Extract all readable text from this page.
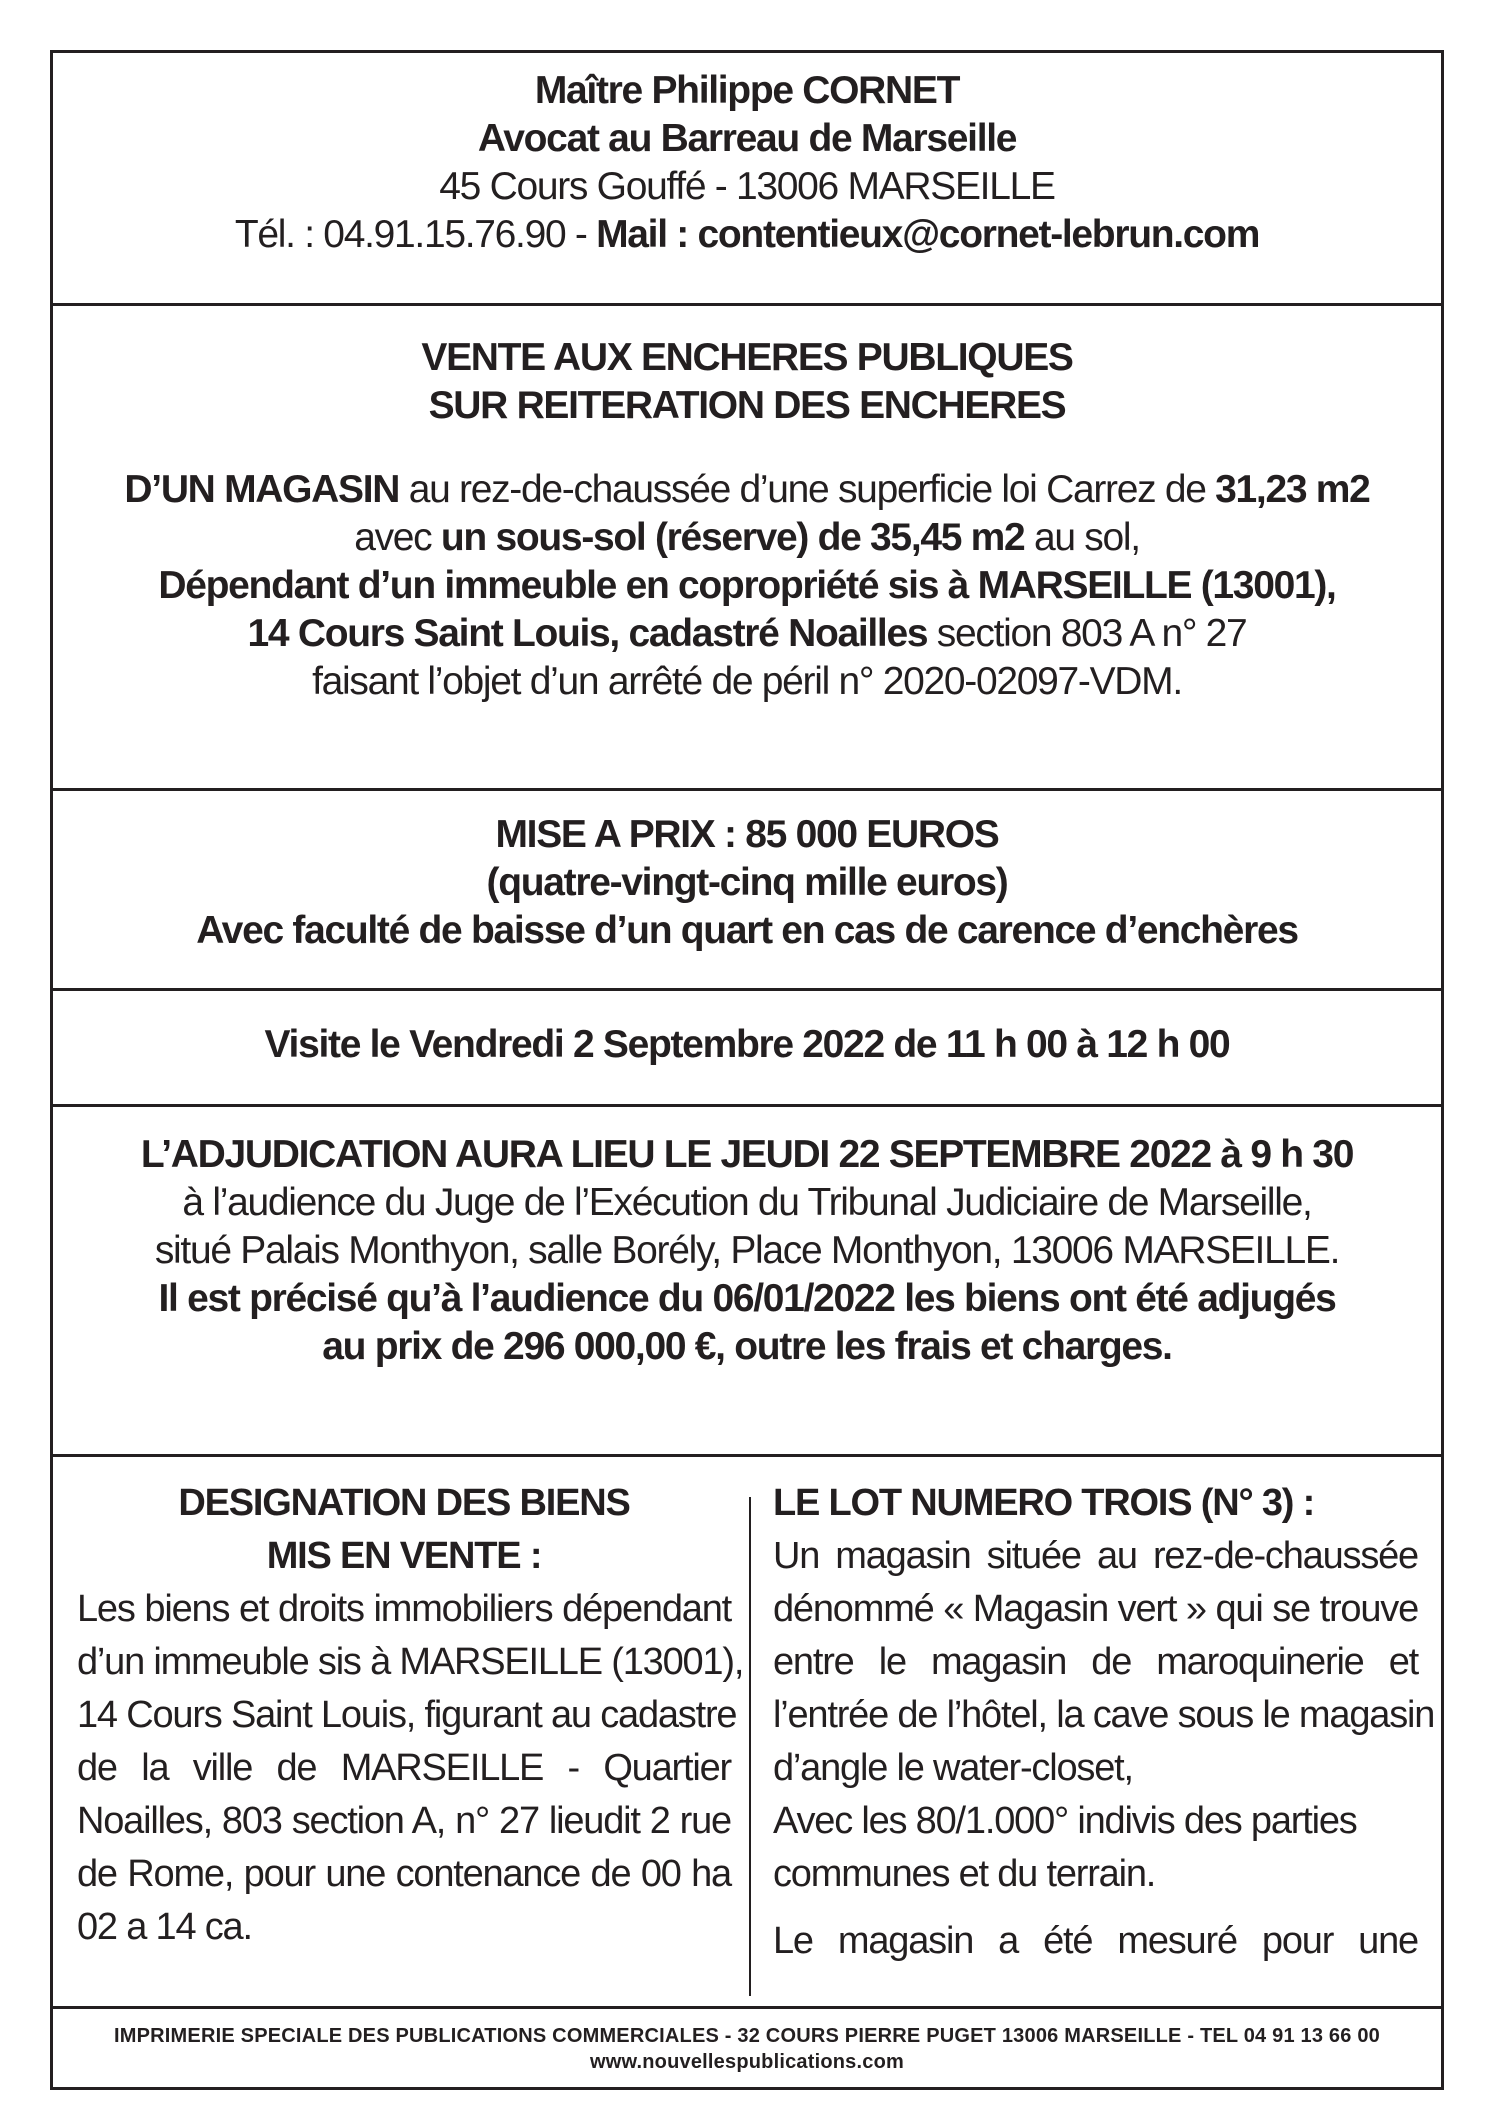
Maître Philippe CORNET
Avocat au Barreau de Marseille
45 Cours Gouffé - 13006 MARSEILLE
Tél. : 04.91.15.76.90 - Mail : contentieux@cornet-lebrun.com
VENTE AUX ENCHERES PUBLIQUES
SUR REITERATION DES ENCHERES
D’UN MAGASIN au rez-de-chaussée d’une superficie loi Carrez de 31,23 m2
avec un sous-sol (réserve) de 35,45 m2 au sol,
Dépendant d’un immeuble en copropriété sis à MARSEILLE (13001),
14 Cours Saint Louis, cadastré Noailles section 803 A n° 27
faisant l’objet d’un arrêté de péril n° 2020-02097-VDM.
MISE A PRIX : 85 000 EUROS
(quatre-vingt-cinq mille euros)
Avec faculté de baisse d’un quart en cas de carence d’enchères
Visite le Vendredi 2 Septembre 2022 de 11 h 00 à 12 h 00
L’ADJUDICATION AURA LIEU LE JEUDI 22 SEPTEMBRE 2022 à 9 h 30
à l’audience du Juge de l’Exécution du Tribunal Judiciaire de Marseille,
situé Palais Monthyon, salle Borély, Place Monthyon, 13006 MARSEILLE.
Il est précisé qu’à l’audience du 06/01/2022 les biens ont été adjugés
au prix de 296 000,00 €, outre les frais et charges.
DESIGNATION DES BIENS
MIS EN VENTE :
Les biens et droits immobiliers dépendant
d’un immeuble sis à MARSEILLE (13001),
14 Cours Saint Louis, figurant au cadastre
de la ville de MARSEILLE - Quartier
Noailles, 803 section A, n° 27 lieudit 2 rue
de Rome, pour une contenance de 00 ha
02 a 14 ca.
LE LOT NUMERO TROIS (N° 3) :
Un magasin située au rez-de-chaussée
dénommé « Magasin vert » qui se trouve
entre le magasin de maroquinerie et
l’entrée de l’hôtel, la cave sous le magasin
d’angle le water-closet,
Avec les 80/1.000° indivis des parties
communes et du terrain.
Le magasin a été mesuré pour une
IMPRIMERIE SPECIALE DES PUBLICATIONS COMMERCIALES - 32 COURS PIERRE PUGET 13006 MARSEILLE - TEL 04 91 13 66 00
www.nouvellespublications.com
